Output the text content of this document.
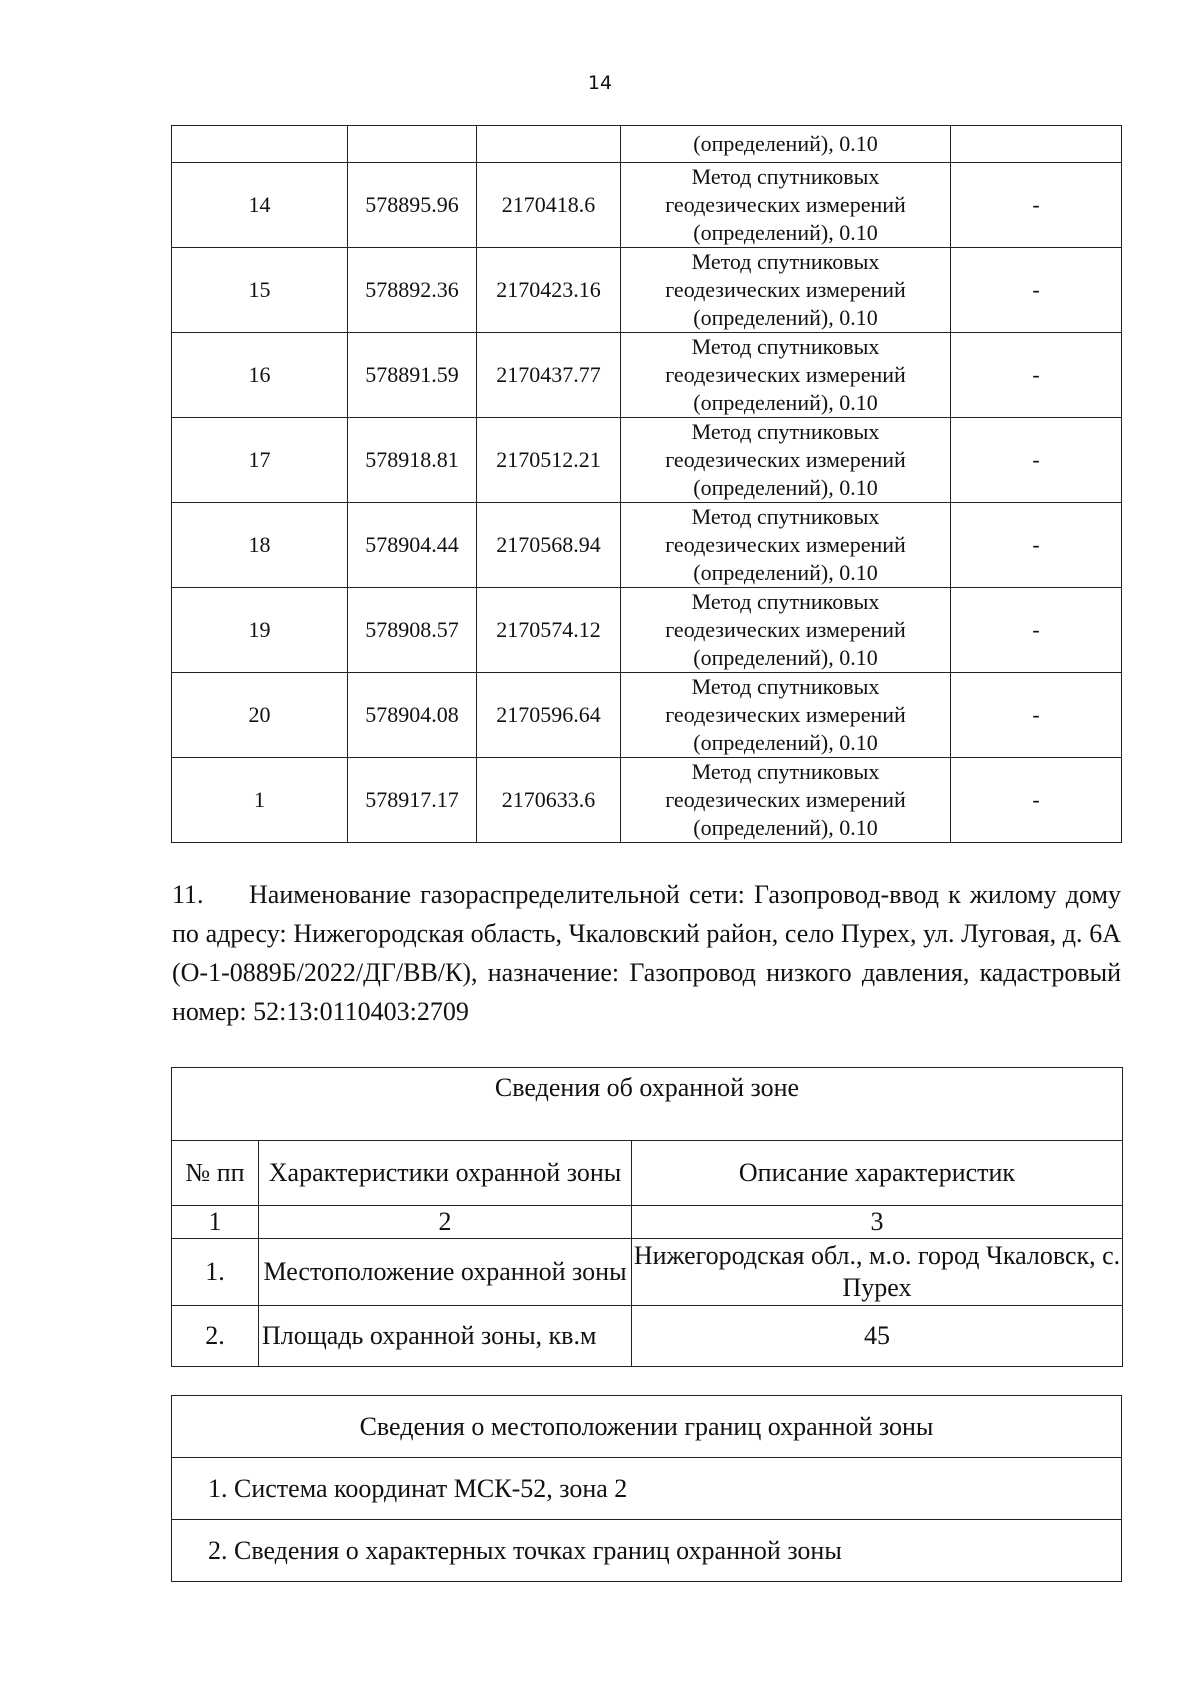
14

			(определений), 0.10	

14	578895.96	2170418.6	Метод спутниковых
геодезических измерений
(определений), 0.10	-
15	578892.36	2170423.16	Метод спутниковых
геодезических измерений
(определений), 0.10	-
16	578891.59	2170437.77	Метод спутниковых
геодезических измерений
(определений), 0.10	-
17	578918.81	2170512.21	Метод спутниковых
геодезических измерений
(определений), 0.10	-
18	578904.44	2170568.94	Метод спутниковых
геодезических измерений
(определений), 0.10	-
19	578908.57	2170574.12	Метод спутниковых
геодезических измерений
(определений), 0.10	-
20	578904.08	2170596.64	Метод спутниковых
геодезических измерений
(определений), 0.10	-
1	578917.17	2170633.6	Метод спутниковых
геодезических измерений
(определений), 0.10	-

11. Наименование газораспределительной сети: Газопровод-ввод к жилому дому по адресу: Нижегородская область, Чкаловский район, село Пурех, ул. Луговая, д. 6А (О-1-0889Б/2022/ДГ/ВВ/К), назначение: Газопровод низкого давления, кадастровый номер: 52:13:0110403:2709

Сведения об охранной зоне		
№ пп	Характеристики охранной зоны	Описание характеристик
1	2	3
1.	Местоположение охранной зоны	Нижегородская обл., м.о. город Чкаловск, с. Пурех
2.	Площадь охранной зоны, кв.м	45
Сведения о местоположении границ охранной зоны
1. Система координат МСК-52, зона 2
2. Сведения о характерных точках границ охранной зоны
